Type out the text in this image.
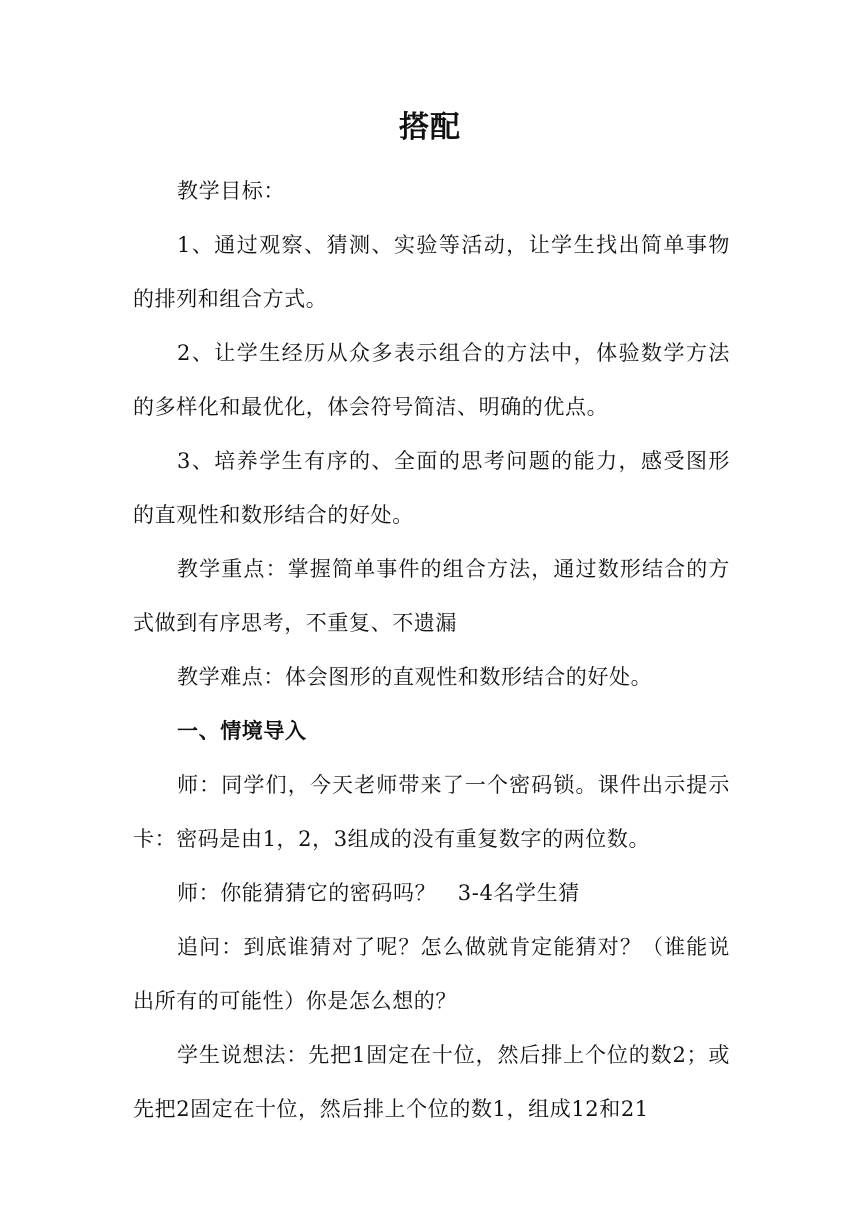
搭配

教学目标：

1、通过观察、猜测、实验等活动，让学生找出简单事物的排列和组合方式。

2、让学生经历从众多表示组合的方法中，体验数学方法的多样化和最优化，体会符号简洁、明确的优点。

3、培养学生有序的、全面的思考问题的能力，感受图形的直观性和数形结合的好处。

教学重点：掌握简单事件的组合方法，通过数形结合的方式做到有序思考，不重复、不遗漏

教学难点：体会图形的直观性和数形结合的好处。

一、情境导入

师：同学们，今天老师带来了一个密码锁。课件出示提示卡：密码是由1，2，3组成的没有重复数字的两位数。

师：你能猜猜它的密码吗？　3-4名学生猜

追问：到底谁猜对了呢？怎么做就肯定能猜对？（谁能说出所有的可能性）你是怎么想的？

学生说想法：先把1固定在十位，然后排上个位的数2；或先把2固定在十位，然后排上个位的数1，组成12和21
